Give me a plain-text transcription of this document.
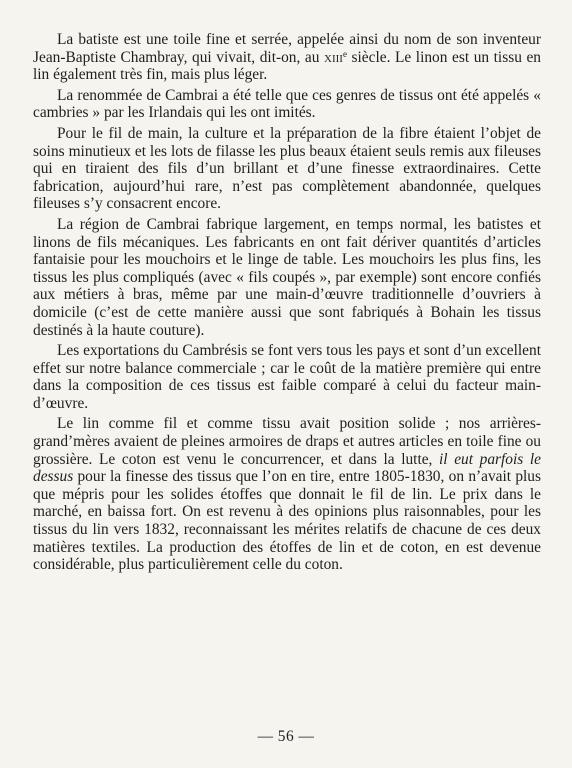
La batiste est une toile fine et serrée, appelée ainsi du nom de son inventeur Jean-Baptiste Chambray, qui vivait, dit-on, au xiii$^e$ siècle. Le linon est un tissu en lin également très fin, mais plus léger.

La renommée de Cambrai a été telle que ces genres de tissus ont été appelés « cambries » par les Irlandais qui les ont imités.

Pour le fil de main, la culture et la préparation de la fibre étaient l’objet de soins minutieux et les lots de filasse les plus beaux étaient seuls remis aux fileuses qui en tiraient des fils d’un brillant et d’une finesse extraordinaires. Cette fabrication, aujourd’hui rare, n’est pas complètement abandonnée, quelques fileuses s’y consacrent encore.

La région de Cambrai fabrique largement, en temps normal, les batistes et linons de fils mécaniques. Les fabricants en ont fait dériver quantités d’articles fantaisie pour les mouchoirs et le linge de table. Les mouchoirs les plus fins, les tissus les plus compliqués (avec « fils coupés », par exemple) sont encore confiés aux métiers à bras, même par une main-d’œuvre traditionnelle d’ouvriers à domicile (c’est de cette manière aussi que sont fabriqués à Bohain les tissus destinés à la haute couture).

Les exportations du Cambrésis se font vers tous les pays et sont d’un excellent effet sur notre balance commerciale ; car le coût de la matière première qui entre dans la composition de ces tissus est faible comparé à celui du facteur main-d’œuvre.

Le lin comme fil et comme tissu avait position solide ; nos arrières-grand’mères avaient de pleines armoires de draps et autres articles en toile fine ou grossière. Le coton est venu le concurrencer, et dans la lutte, il eut parfois le dessus pour la finesse des tissus que l’on en tire, entre 1805-1830, on n’avait plus que mépris pour les solides étoffes que donnait le fil de lin. Le prix dans le marché, en baissa fort. On est revenu à des opinions plus raisonnables, pour les tissus du lin vers 1832, reconnaissant les mérites relatifs de chacune de ces deux matières textiles. La production des étoffes de lin et de coton, en est devenue considérable, plus particulièrement celle du coton.

— 56 —
